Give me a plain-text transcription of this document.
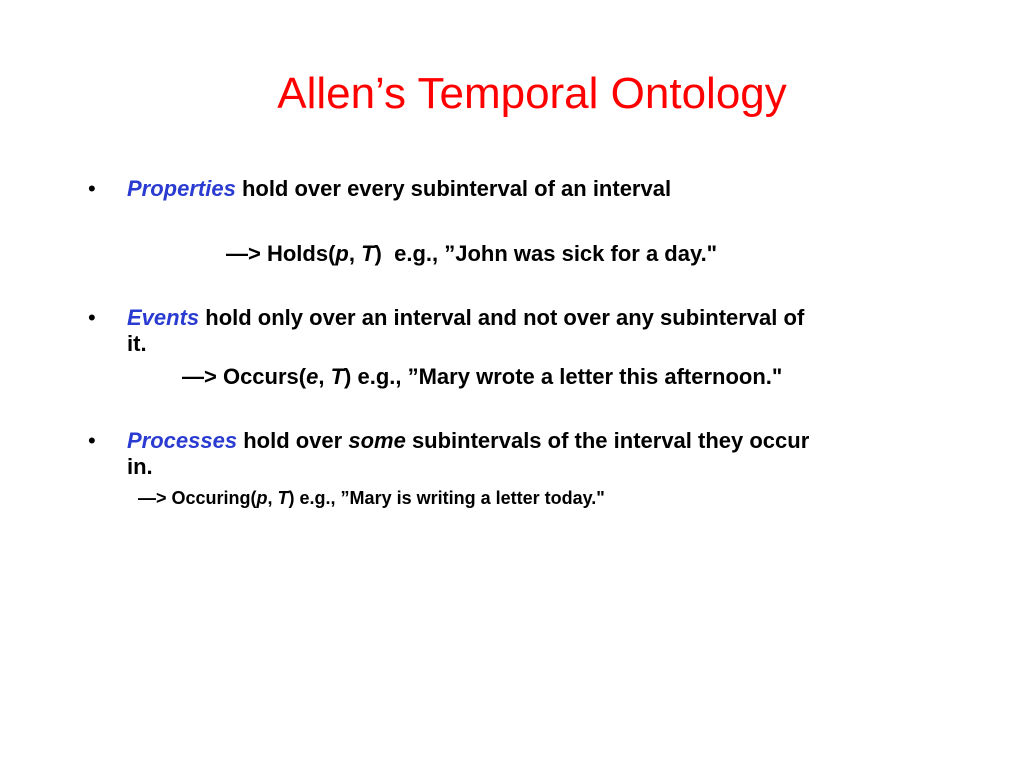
Allen’s Temporal Ontology
• Properties hold over every subinterval of an interval
—> Holds(p, T)  e.g., ”John was sick for a day."
• Events hold only over an interval and not over any subinterval of
it.
—> Occurs(e, T) e.g., ”Mary wrote a letter this afternoon."
• Processes hold over some subintervals of the interval they occur
in.
—> Occuring(p, T) e.g., ”Mary is writing a letter today."
